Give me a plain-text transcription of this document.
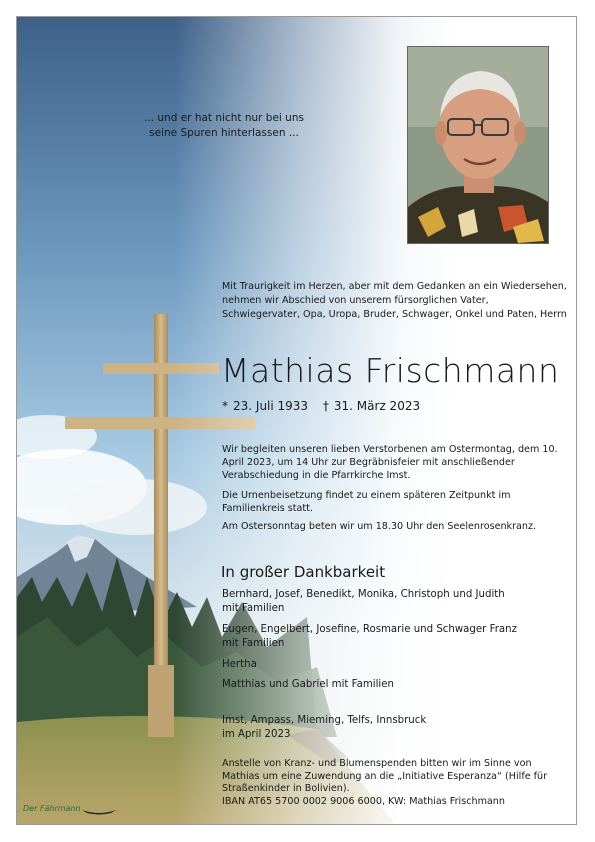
... und er hat nicht nur bei uns
seine Spuren hinterlassen ...
Mit Traurigkeit im Herzen, aber mit dem Gedanken an ein Wiedersehen, nehmen wir Abschied von unserem fürsorglichen Vater, Schwiegervater, Opa, Uropa, Bruder, Schwager, Onkel und Paten, Herrn
Mathias Frischmann
* 23. Juli 1933 † 31. März 2023
Wir begleiten unseren lieben Verstorbenen am Ostermontag, dem 10. April 2023, um 14 Uhr zur Begräbnisfeier mit anschließender Verabschiedung in die Pfarrkirche Imst.
Die Urnenbeisetzung findet zu einem späteren Zeitpunkt im Familienkreis statt.
Am Ostersonntag beten wir um 18.30 Uhr den Seelenrosenkranz.
In großer Dankbarkeit
Bernhard, Josef, Benedikt, Monika, Christoph und Judith mit Familien
Eugen, Engelbert, Josefine, Rosmarie und Schwager Franz mit Familien
Hertha
Matthias und Gabriel mit Familien
Imst, Ampass, Mieming, Telfs, Innsbruck
im April 2023
Anstelle von Kranz- und Blumenspenden bitten wir im Sinne von Mathias um eine Zuwendung an die „Initiative Esperanza“ (Hilfe für Straßenkinder in Bolivien).
IBAN AT65 5700 0002 9006 6000, KW: Mathias Frischmann
Der Fährmann
